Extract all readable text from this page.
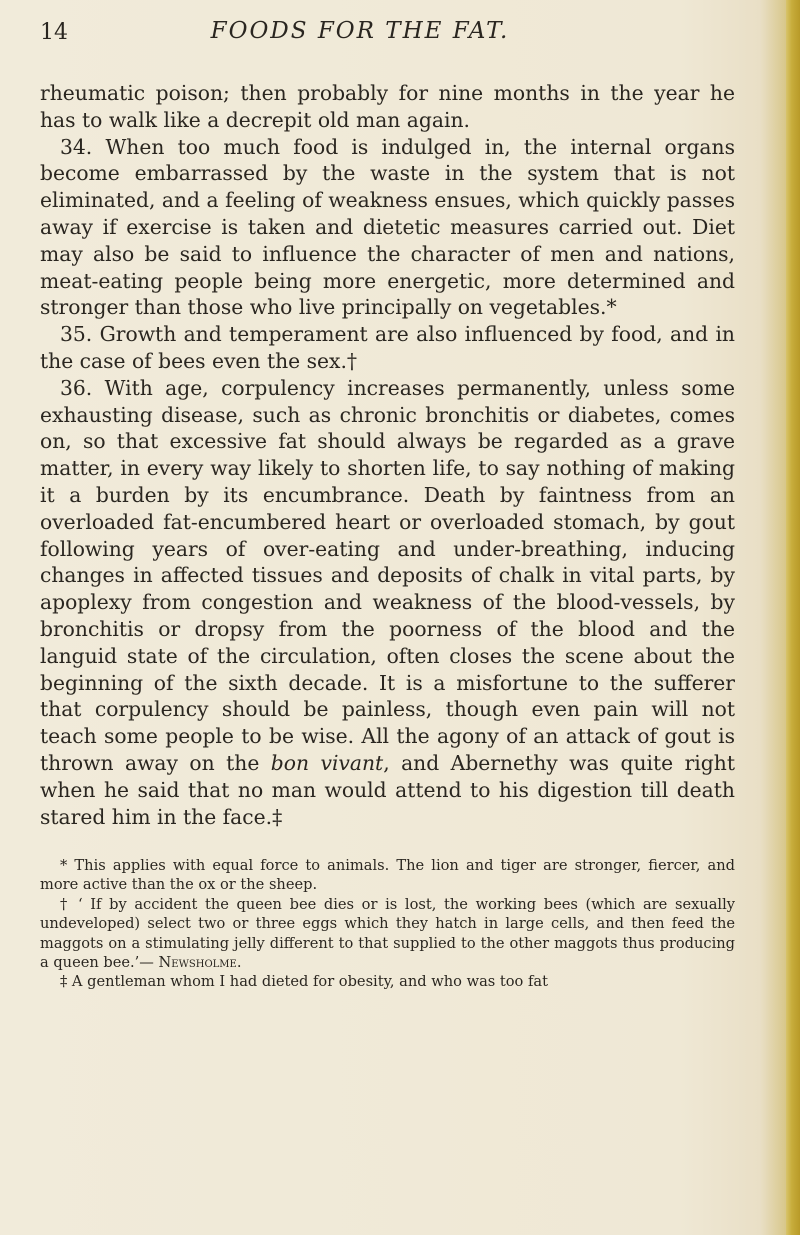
14	FOODS FOR THE FAT.

rheumatic poison; then probably for nine months in the year he has to walk like a decrepit old man again.

34. When too much food is indulged in, the internal organs become embarrassed by the waste in the system that is not eliminated, and a feeling of weakness ensues, which quickly passes away if exercise is taken and dietetic measures carried out. Diet may also be said to influence the character of men and nations, meat-eating people being more energetic, more determined and stronger than those who live principally on vegetables.*

35. Growth and temperament are also influenced by food, and in the case of bees even the sex.†

36. With age, corpulency increases permanently, unless some exhausting disease, such as chronic bronchitis or diabetes, comes on, so that excessive fat should always be regarded as a grave matter, in every way likely to shorten life, to say nothing of making it a burden by its encumbrance. Death by faintness from an overloaded fat-encumbered heart or overloaded stomach, by gout following years of over-eating and under-breathing, inducing changes in affected tissues and deposits of chalk in vital parts, by apoplexy from congestion and weakness of the blood-vessels, by bronchitis or dropsy from the poorness of the blood and the languid state of the circulation, often closes the scene about the beginning of the sixth decade. It is a misfortune to the sufferer that corpulency should be painless, though even pain will not teach some people to be wise. All the agony of an attack of gout is thrown away on the bon vivant, and Abernethy was quite right when he said that no man would attend to his digestion till death stared him in the face.‡

* This applies with equal force to animals. The lion and tiger are stronger, fiercer, and more active than the ox or the sheep.

† ‘ If by accident the queen bee dies or is lost, the working bees (which are sexually undeveloped) select two or three eggs which they hatch in large cells, and then feed the maggots on a stimulating jelly different to that supplied to the other maggots thus producing a queen bee.’— Newsholme.

‡ A gentleman whom I had dieted for obesity, and who was too fat
